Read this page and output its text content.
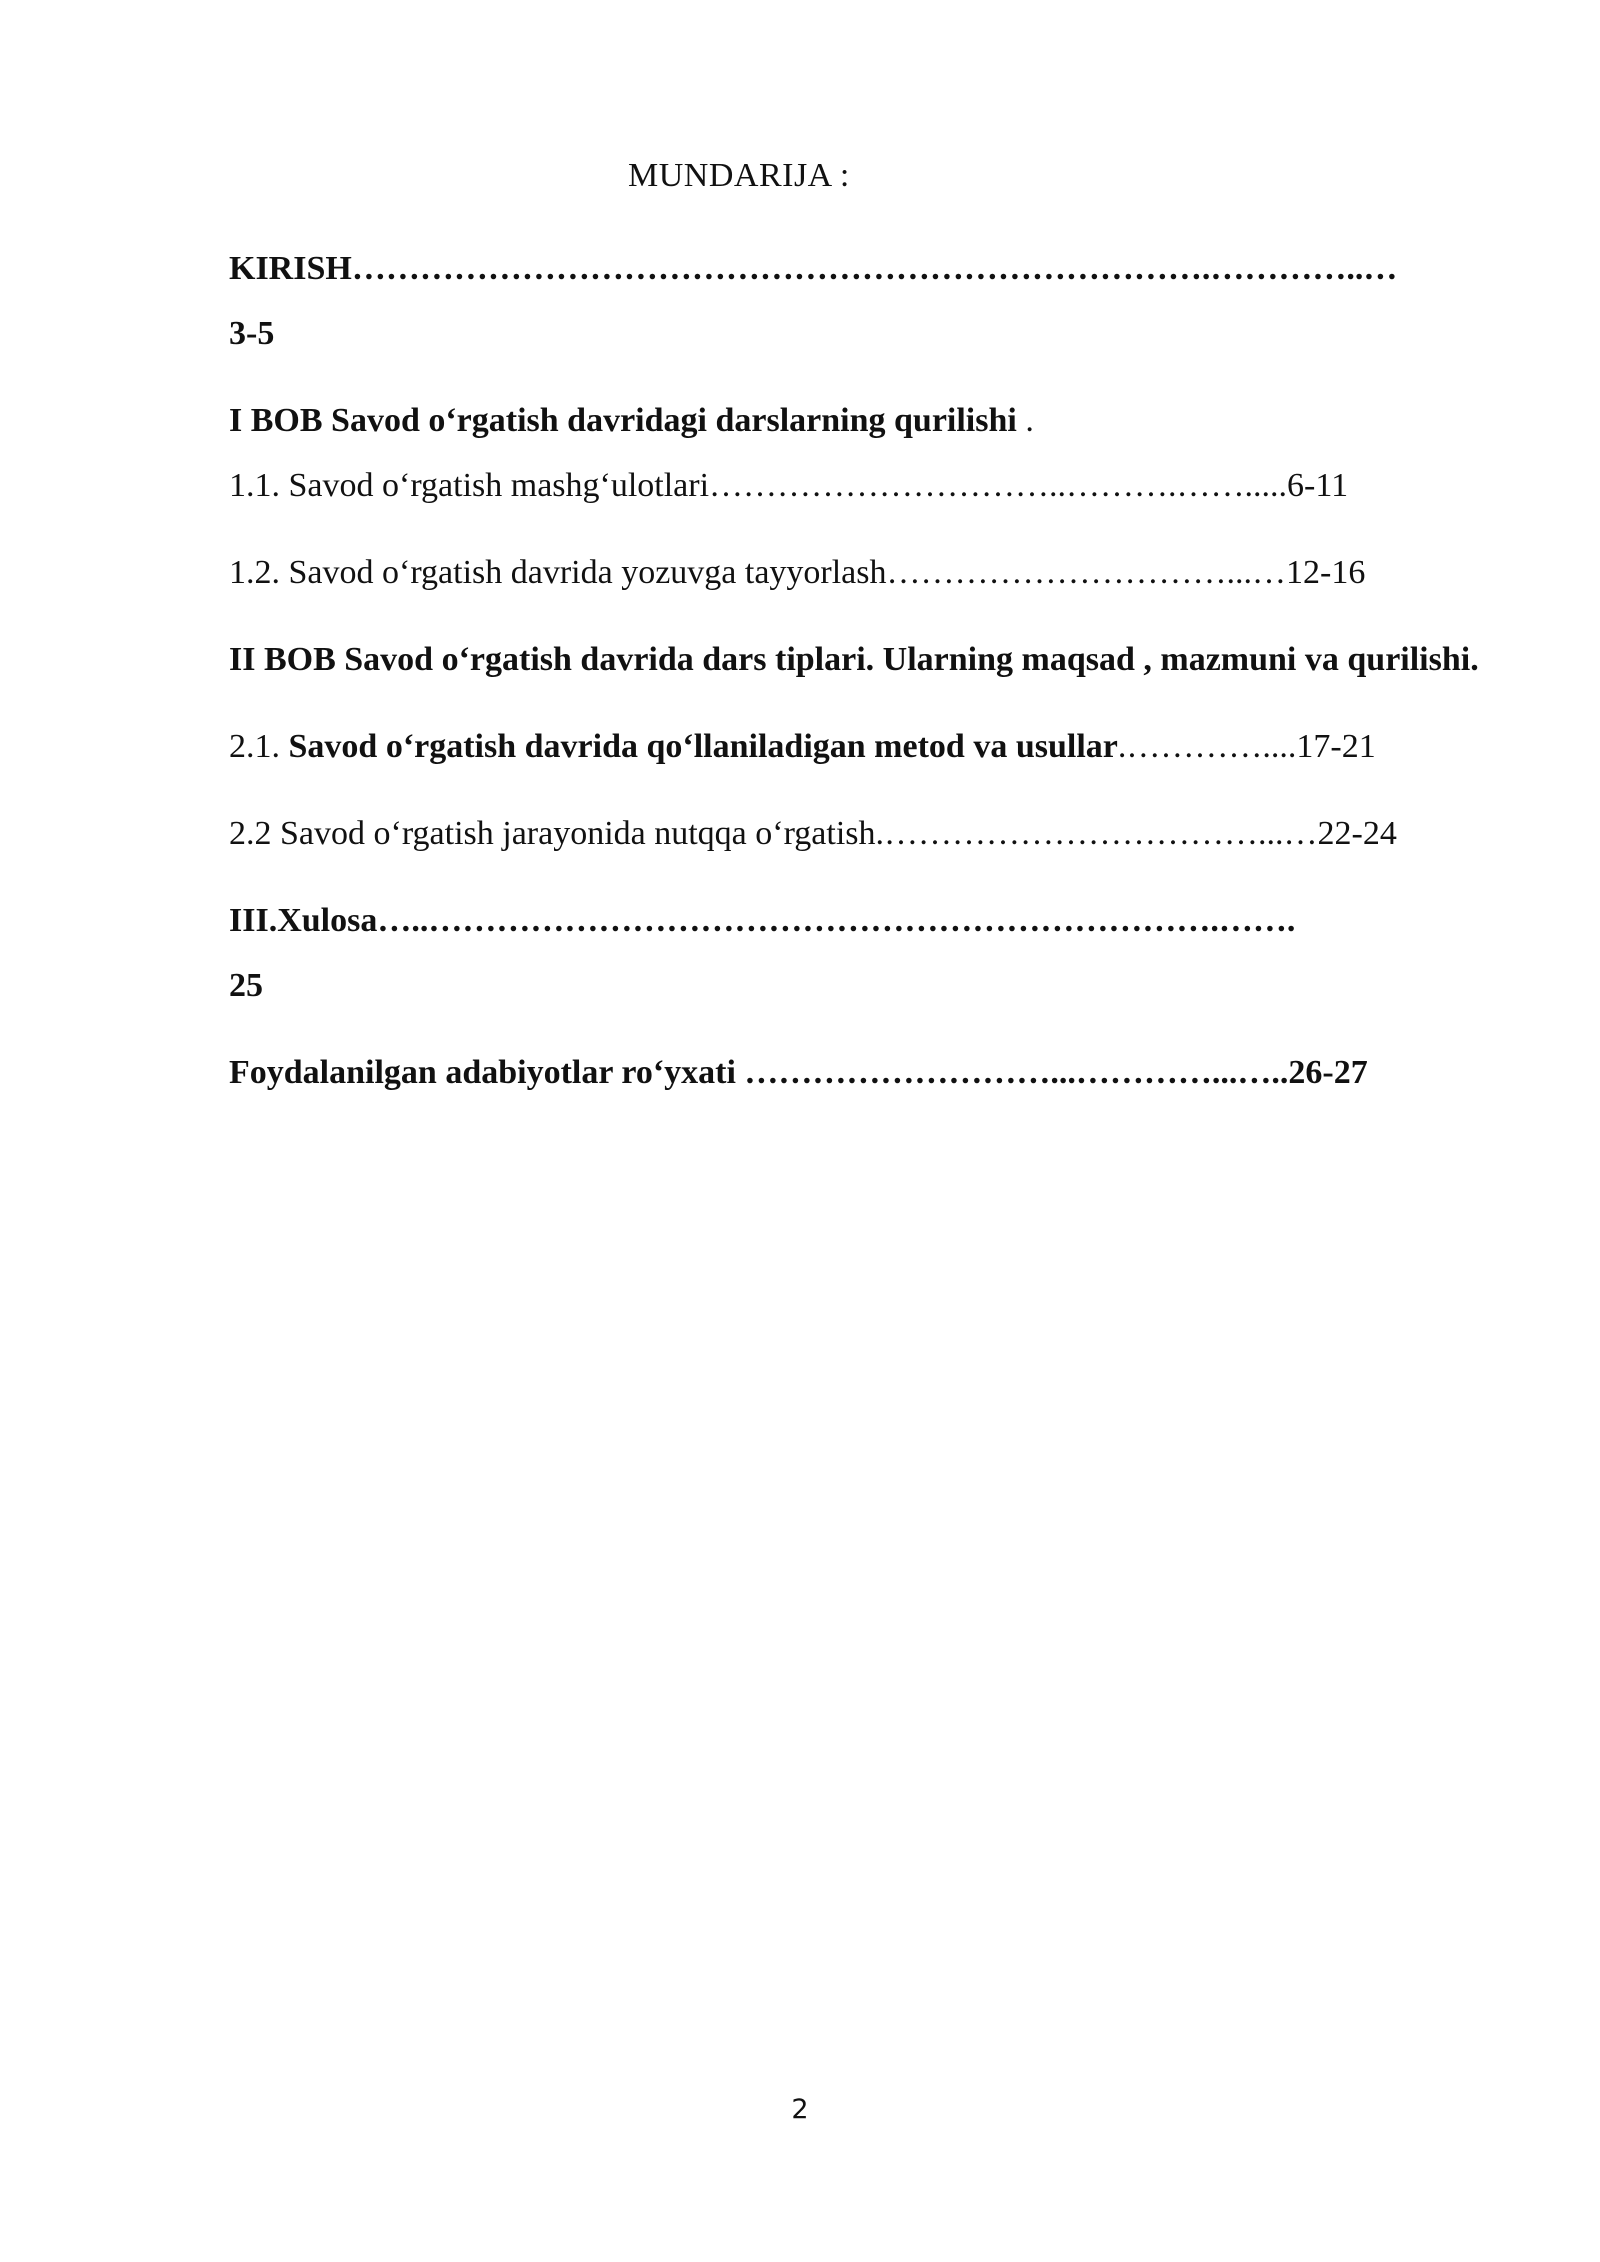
MUNDARIJA :

KIRISH………………………………………………………………….…………..…
3-5

I BOB Savod o‘rgatish davridagi darslarning qurilishi .

1.1. Savod o‘rgatish mashg‘ulotlari…………………………..……….…….....6-11

1.2. Savod o‘rgatish davrida yozuvga tayyorlash…………………………...…12-16

II BOB Savod o‘rgatish davrida dars tiplari. Ularning maqsad , mazmuni va qurilishi.

2.1. Savod o‘rgatish davrida qo‘llaniladigan metod va usullar.…………....17-21

2.2 Savod o‘rgatish jarayonida nutqqa o‘rgatish.……………………………...…22-24

III.Xulosa…..…………………………………………………………….…….
25

Foydalanilgan adabiyotlar ro‘yxati ………………………...…………...…..26-27

2
